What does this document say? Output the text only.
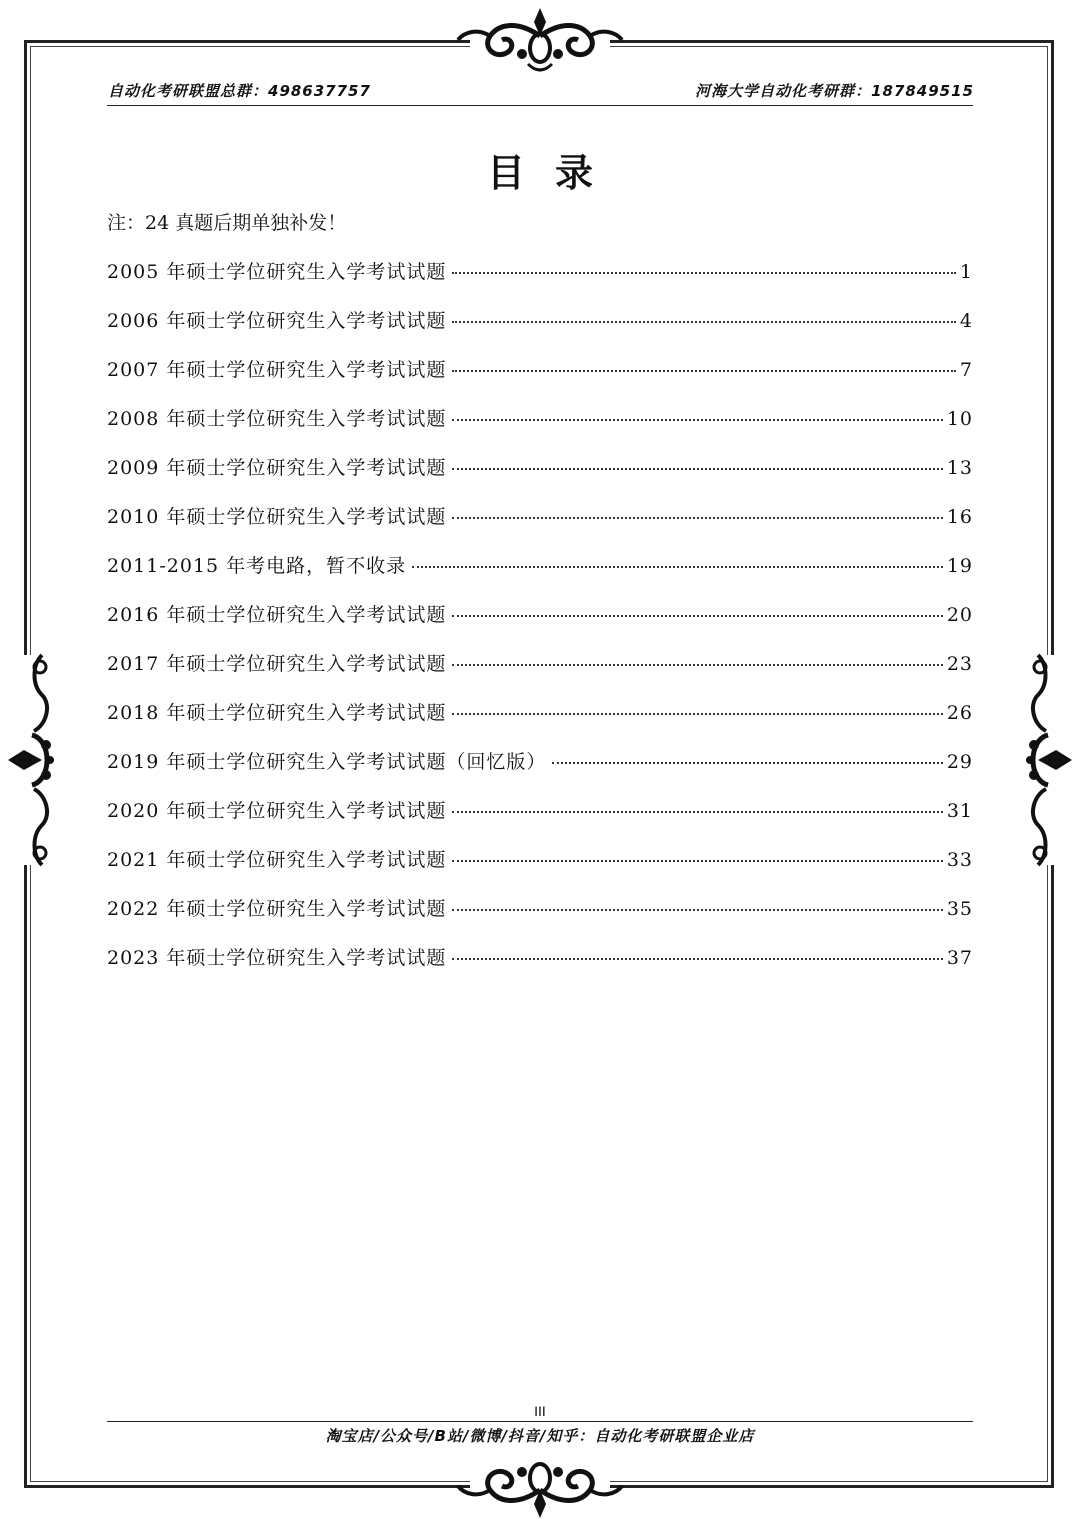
自动化考研联盟总群：498637757	河海大学自动化考研群：187849515
目录
注：24 真题后期单独补发！
2005 年硕士学位研究生入学考试试题	1
2006 年硕士学位研究生入学考试试题	4
2007 年硕士学位研究生入学考试试题	7
2008 年硕士学位研究生入学考试试题	10
2009 年硕士学位研究生入学考试试题	13
2010 年硕士学位研究生入学考试试题	16
2011-2015 年考电路，暂不收录	19
2016 年硕士学位研究生入学考试试题	20
2017 年硕士学位研究生入学考试试题	23
2018 年硕士学位研究生入学考试试题	26
2019 年硕士学位研究生入学考试试题（回忆版）	29
2020 年硕士学位研究生入学考试试题	31
2021 年硕士学位研究生入学考试试题	33
2022 年硕士学位研究生入学考试试题	35
2023 年硕士学位研究生入学考试试题	37
III
淘宝店/公众号/B站/微博/抖音/知乎：自动化考研联盟企业店
